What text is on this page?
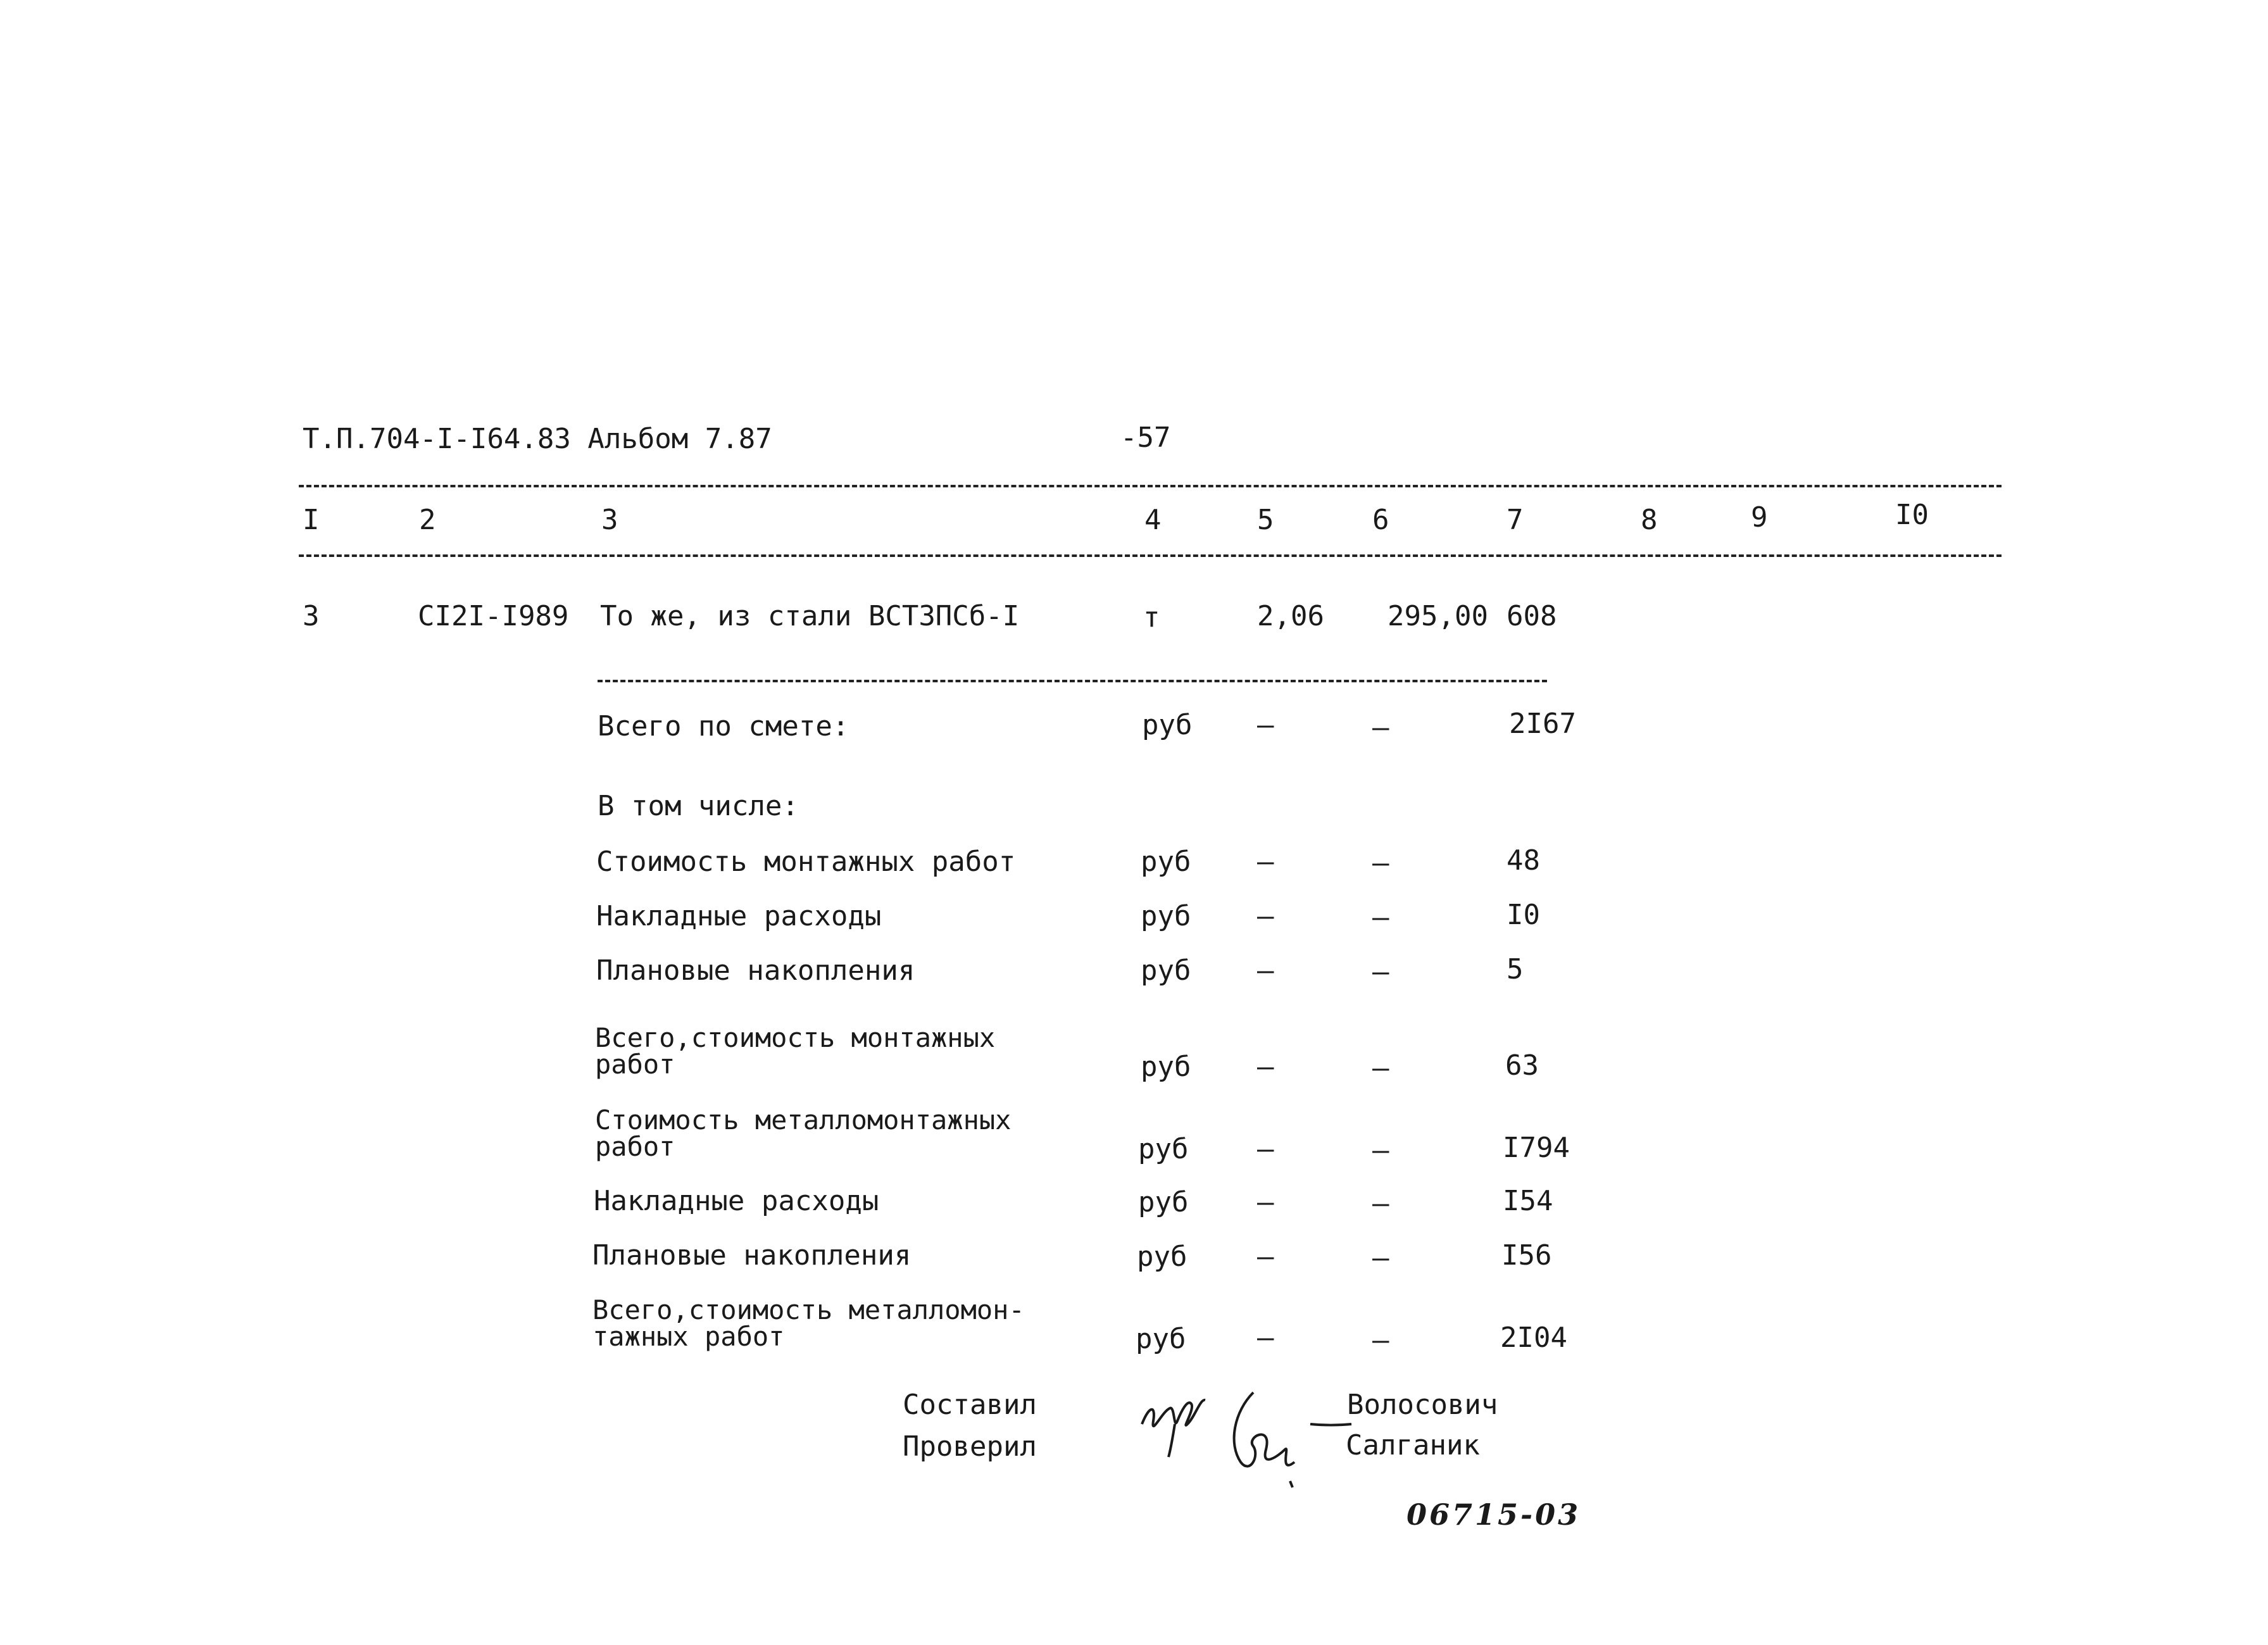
Т.П.704-I-I64.83 Альбом 7.87	-57
I	2	3	4	5	6	7	8	9	I0
3	CI2I-I989 То же, из стали ВСТЗПСб-I	т	2,06 295,00 608
Всего по смете:	руб –	–	2I67
В том числе:
Стоимость монтажных работ	руб –	–	48
Накладные расходы	руб –	–	I0
Плановые накопления	руб –	–	5
Всего,стоимость монтажных
работ	руб –	–	63
Стоимость металломонтажных
работ	руб –	–	I794
Накладные расходы	руб –	–	I54
Плановые накопления	руб	–	–	I56
Всего,стоимость металломон-
тажных работ	руб	–	–	2I04
Составил
Проверил
Волосович
Салганик
06715-03
